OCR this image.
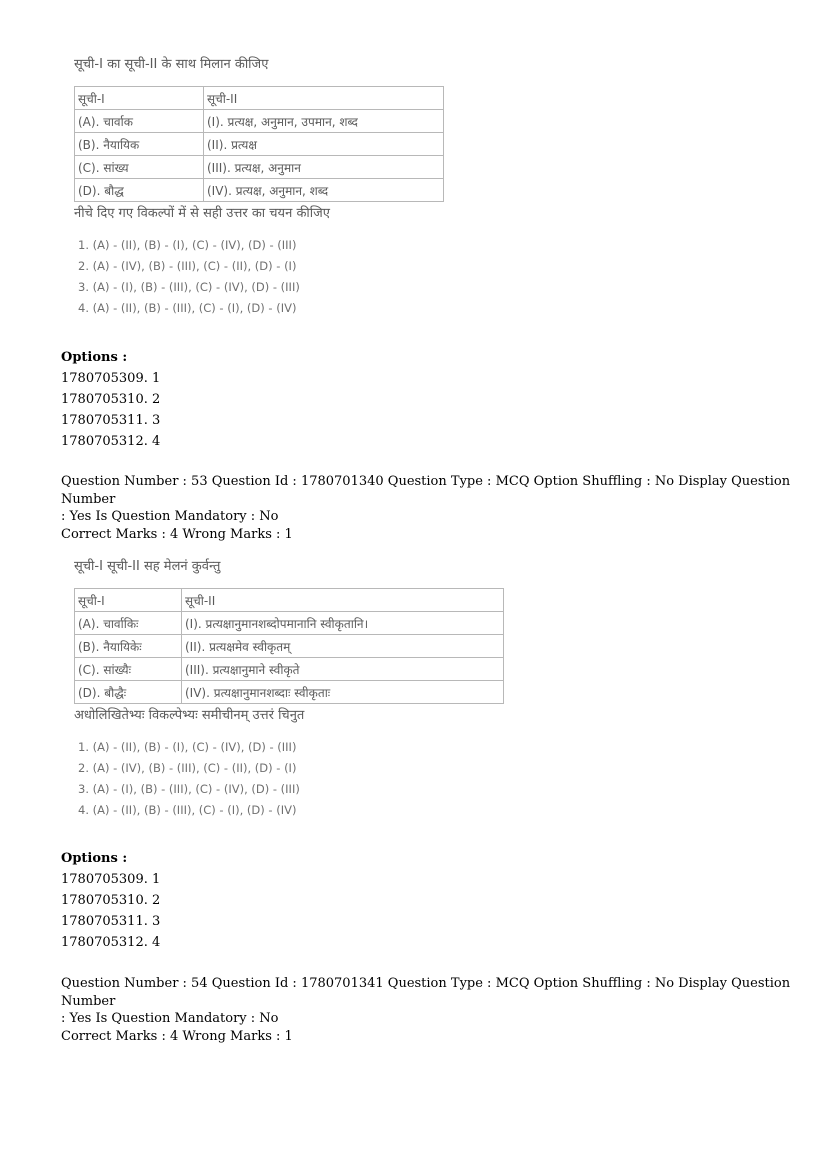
सूची-I का सूची-II के साथ मिलान कीजिए
सूची-I	सूची-II
(A). चार्वाक	(I). प्रत्यक्ष, अनुमान, उपमान, शब्द
(B). नैयायिक	(II). प्रत्यक्ष
(C). सांख्य	(III). प्रत्यक्ष, अनुमान
(D). बौद्ध	(IV). प्रत्यक्ष, अनुमान, शब्द
नीचे दिए गए विकल्पों में से सही उत्तर का चयन कीजिए
1. (A) - (II), (B) - (I), (C) - (IV), (D) - (III)
2. (A) - (IV), (B) - (III), (C) - (II), (D) - (I)
3. (A) - (I), (B) - (III), (C) - (IV), (D) - (III)
4. (A) - (II), (B) - (III), (C) - (I), (D) - (IV)
Options :
1780705309. 1
1780705310. 2
1780705311. 3
1780705312. 4
Question Number : 53 Question Id : 1780701340 Question Type : MCQ Option Shuffling : No Display Question Number
: Yes Is Question Mandatory : No
Correct Marks : 4 Wrong Marks : 1
सूची-I सूची-II सह मेलनं कुर्वन्तु
सूची-I	सूची-II
(A). चार्वाकिः	(I). प्रत्यक्षानुमानशब्दोपमानानि स्वीकृतानि।
(B). नैयायिकेः	(II). प्रत्यक्षमेव स्वीकृतम्
(C). सांख्यैः	(III). प्रत्यक्षानुमाने स्वीकृते
(D). बौद्धैः	(IV). प्रत्यक्षानुमानशब्दाः स्वीकृताः
अधोलिखितेभ्यः विकल्पेभ्यः समीचीनम् उत्तरं चिनुत
1. (A) - (II), (B) - (I), (C) - (IV), (D) - (III)
2. (A) - (IV), (B) - (III), (C) - (II), (D) - (I)
3. (A) - (I), (B) - (III), (C) - (IV), (D) - (III)
4. (A) - (II), (B) - (III), (C) - (I), (D) - (IV)
Options :
1780705309. 1
1780705310. 2
1780705311. 3
1780705312. 4
Question Number : 54 Question Id : 1780701341 Question Type : MCQ Option Shuffling : No Display Question Number
: Yes Is Question Mandatory : No
Correct Marks : 4 Wrong Marks : 1
